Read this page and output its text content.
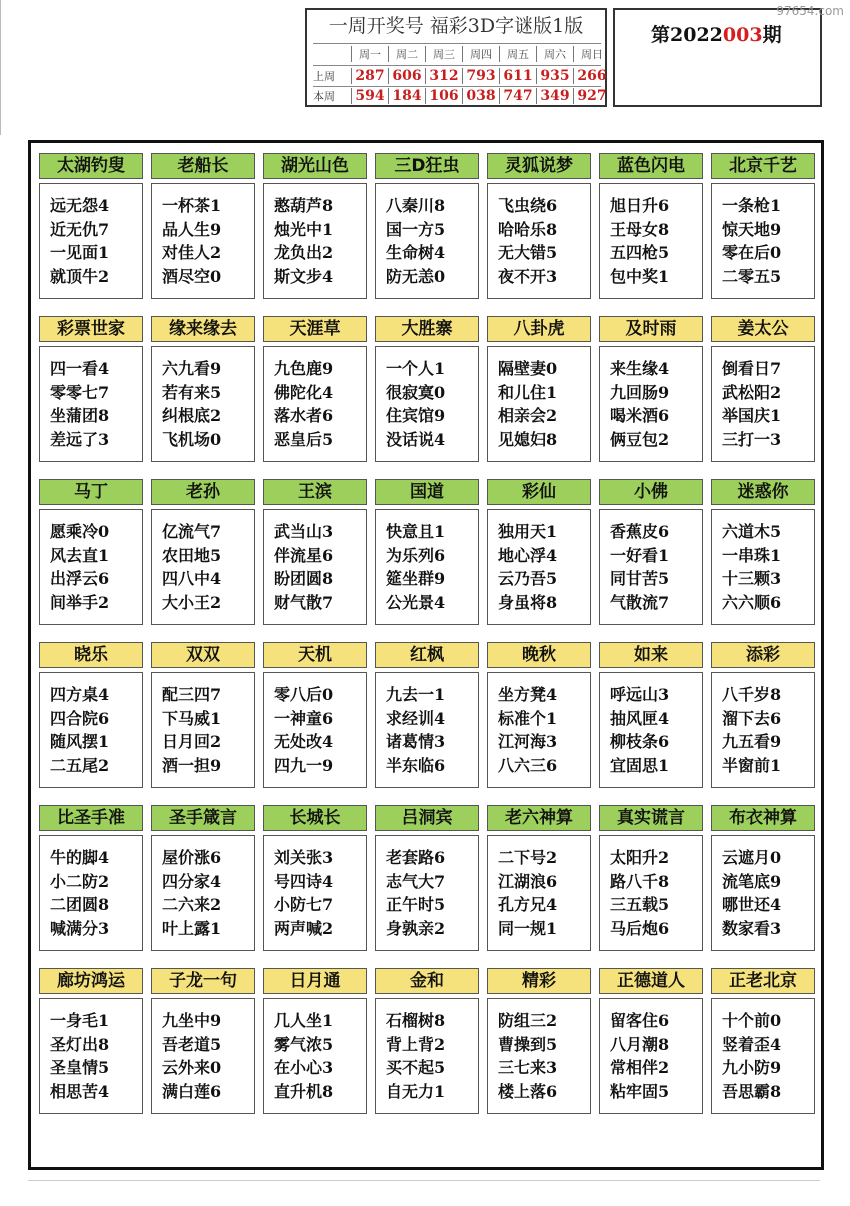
一周开奖号 福彩3D字谜版1版
周一	周二	周三	周四	周五	周六	周日
上周	287 606 312 793 611 935 266
本周	594 184 106 038 747 349 927
第2022003期
97654.com
太湖钓叟
远无怨4
近无仇7
一见面1
就顶牛2
老船长
一杯茶1
品人生9
对佳人2
酒尽空0
湖光山色
憨葫芦8
烛光中1
龙负出2
斯文步4
三D狂虫
八秦川8
国一方5
生命树4
防无恙0
灵狐说梦
飞虫绕6
哈哈乐8
无大错5
夜不开3
蓝色闪电
旭日升6
王母女8
五四枪5
包中奖1
北京千艺
一条枪1
惊天地9
零在后0
二零五5
彩票世家
四一看4
零零七7
坐蒲团8
差远了3
缘来缘去
六九看9
若有来5
纠根底2
飞机场0
天涯草
九色鹿9
佛陀化4
落水者6
恶皇后5
大胜寨
一个人1
很寂寞0
住宾馆9
没话说4
八卦虎
隔壁妻0
和儿住1
相亲会2
见媳妇8
及时雨
来生缘4
九回肠9
喝米酒6
俩豆包2
姜太公
倒看日7
武松阳2
举国庆1
三打一3
马丁
愿乘冷0
风去直1
出浮云6
间举手2
老孙
亿流气7
农田地5
四八中4
大小王2
王滨
武当山3
伴流星6
盼团圆8
财气散7
国道
快意且1
为乐列6
筵坐群9
公光景4
彩仙
独用天1
地心浮4
云乃吾5
身虽将8
小佛
香蕉皮6
一好看1
同甘苦5
气散流7
迷惑你
六道木5
一串珠1
十三颗3
六六顺6
晓乐
四方桌4
四合院6
随风摆1
二五尾2
双双
配三四7
下马威1
日月回2
酒一担9
天机
零八后0
一神童6
无处改4
四九一9
红枫
九去一1
求经训4
诸葛情3
半东临6
晚秋
坐方凳4
标准个1
江河海3
八六三6
如来
呼远山3
抽风匣4
柳枝条6
宜固思1
添彩
八千岁8
溜下去6
九五看9
半窗前1
比圣手准
牛的脚4
小二防2
二团圆8
喊满分3
圣手箴言
屋价涨6
四分家4
二六来2
叶上露1
长城长
刘关张3
号四诗4
小防七7
两声喊2
吕洞宾
老套路6
志气大7
正午时5
身孰亲2
老六神算
二下号2
江湖浪6
孔方兄4
同一规1
真实谎言
太阳升2
路八千8
三五载5
马后炮6
布衣神算
云遮月0
流笔底9
哪世还4
数家看3
廊坊鸿运
一身毛1
圣灯出8
圣皇情5
相思苦4
子龙一句
九坐中9
吾老道5
云外来0
满白莲6
日月通
几人坐1
雾气浓5
在小心3
直升机8
金和
石榴树8
背上背2
买不起5
自无力1
精彩
防组三2
曹操到5
三七来3
楼上落6
正德道人
留客住6
八月潮8
常相伴2
粘牢固5
正老北京
十个前0
竖着歪4
九小防9
吾思霸8
